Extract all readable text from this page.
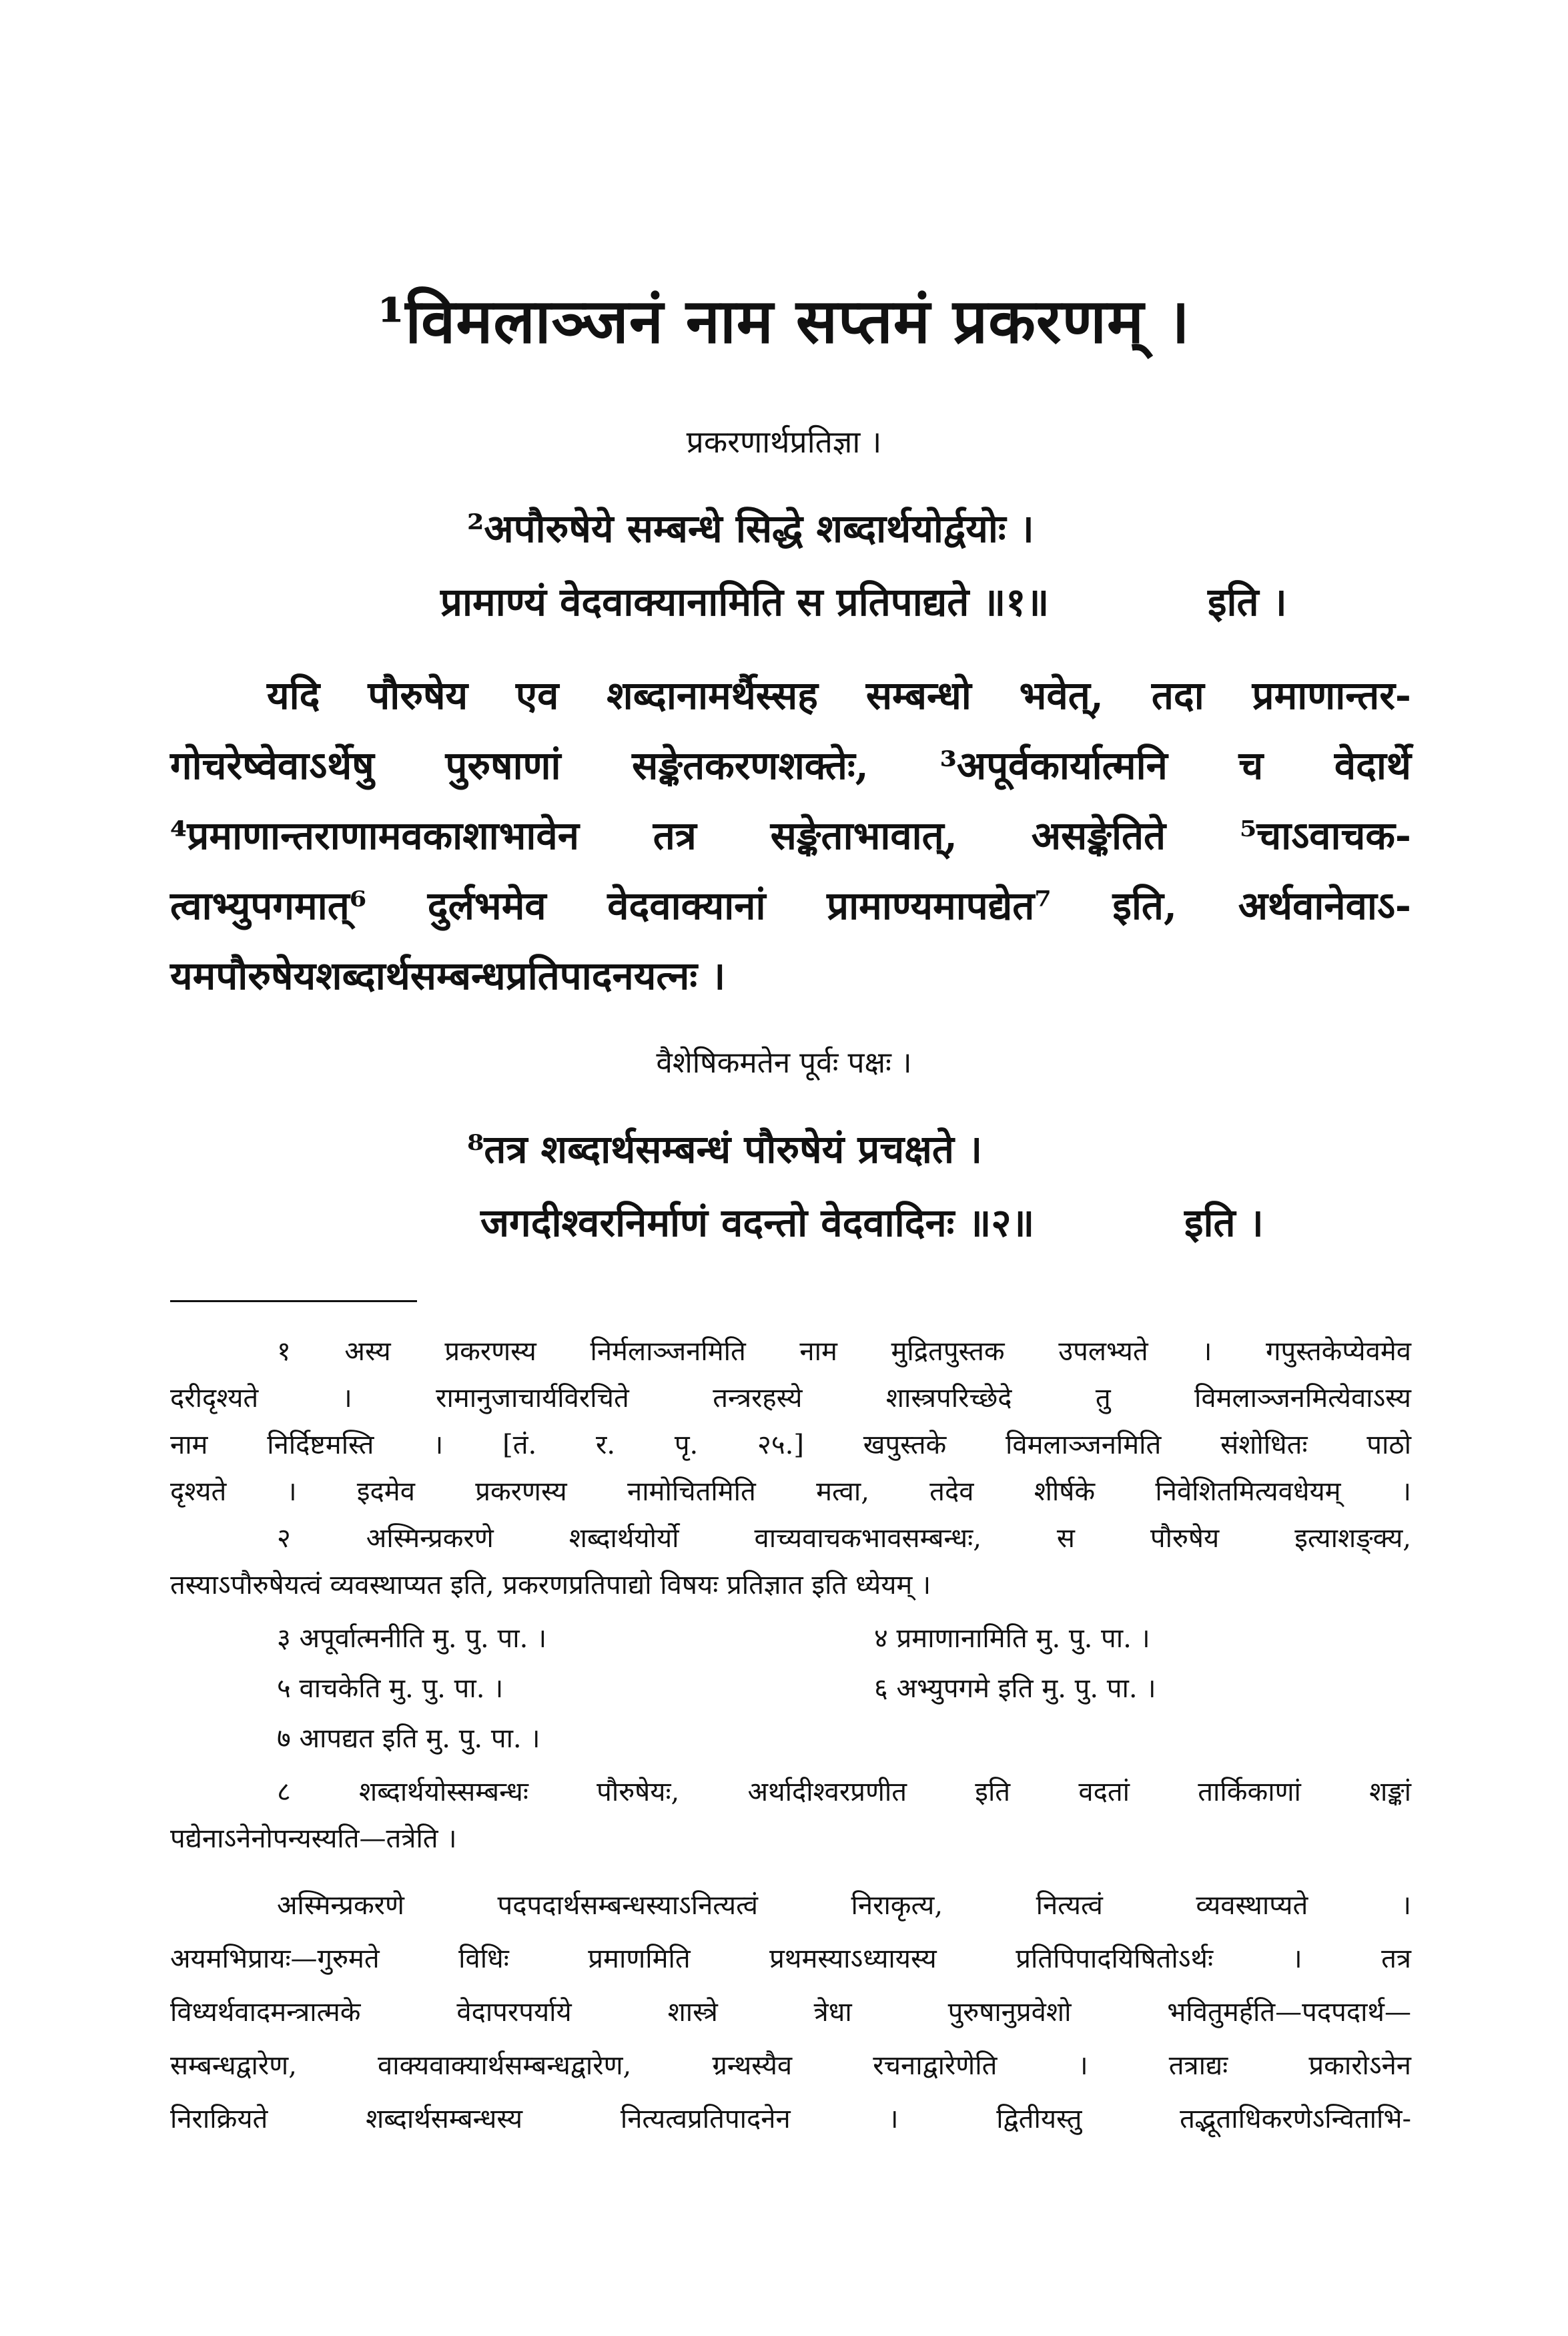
¹विमलाञ्जनं नाम सप्तमं प्रकरणम् ।
प्रकरणार्थप्रतिज्ञा ।
²अपौरुषेये सम्बन्धे सिद्धे शब्दार्थयोर्द्वयोः ।
प्रामाण्यं वेदवाक्यानामिति स प्रतिपाद्यते ॥१॥	इति ।
यदि पौरुषेय एव शब्दानामर्थैस्सह सम्बन्धो भवेत्, तदा प्रमाणान्तर-
गोचरेष्वेवाऽर्थेषु पुरुषाणां सङ्केतकरणशक्तेः, ³अपूर्वकार्यात्मनि च वेदार्थे
⁴प्रमाणान्तराणामवकाशाभावेन तत्र सङ्केताभावात्, असङ्केतिते ⁵चाऽवाचक-
त्वाभ्युपगमात्⁶ दुर्लभमेव वेदवाक्यानां प्रामाण्यमापद्येत⁷ इति, अर्थवानेवाऽ-
यमपौरुषेयशब्दार्थसम्बन्धप्रतिपादनयत्नः ।
वैशेषिकमतेन पूर्वः पक्षः ।
⁸तत्र शब्दार्थसम्बन्धं पौरुषेयं प्रचक्षते ।
जगदीश्वरनिर्माणं वदन्तो वेदवादिनः ॥२॥	इति ।
१ अस्य प्रकरणस्य निर्मलाञ्जनमिति नाम मुद्रितपुस्तक उपलभ्यते । गपुस्तकेप्येवमेव
दरीदृश्यते । रामानुजाचार्यविरचिते तन्त्ररहस्ये शास्त्रपरिच्छेदे तु विमलाञ्जनमित्येवाऽस्य
नाम निर्दिष्टमस्ति । [तं. र. पृ. २५.] खपुस्तके विमलाञ्जनमिति संशोधितः पाठो
दृश्यते । इदमेव प्रकरणस्य नामोचितमिति मत्वा, तदेव शीर्षके निवेशितमित्यवधेयम् ।
२ अस्मिन्प्रकरणे शब्दार्थयोर्यो वाच्यवाचकभावसम्बन्धः, स पौरुषेय इत्याशङ्क्य,
तस्याऽपौरुषेयत्वं व्यवस्थाप्यत इति, प्रकरणप्रतिपाद्यो विषयः प्रतिज्ञात इति ध्येयम् ।
३ अपूर्वात्मनीति मु. पु. पा. ।	४ प्रमाणानामिति मु. पु. पा. ।
५ वाचकेति मु. पु. पा. ।	६ अभ्युपगमे इति मु. पु. पा. ।
७ आपद्यत इति मु. पु. पा. ।
८ शब्दार्थयोस्सम्बन्धः पौरुषेयः, अर्थादीश्वरप्रणीत इति वदतां तार्किकाणां शङ्कां
पद्येनाऽनेनोपन्यस्यति—तत्रेति ।
अस्मिन्प्रकरणे पदपदार्थसम्बन्धस्याऽनित्यत्वं निराकृत्य, नित्यत्वं व्यवस्थाप्यते ।
अयमभिप्रायः—गुरुमते विधिः प्रमाणमिति प्रथमस्याऽध्यायस्य प्रतिपिपादयिषितोऽर्थः । तत्र
विध्यर्थवादमन्त्रात्मके वेदापरपर्याये शास्त्रे त्रेधा पुरुषानुप्रवेशो भवितुमर्हति—पदपदार्थ—
सम्बन्धद्वारेण, वाक्यवाक्यार्थसम्बन्धद्वारेण, ग्रन्थस्यैव रचनाद्वारेणेति । तत्राद्यः प्रकारोऽनेन
निराक्रियते शब्दार्थसम्बन्धस्य नित्यत्वप्रतिपादनेन । द्वितीयस्तु तद्भूताधिकरणेऽन्विताभि-
